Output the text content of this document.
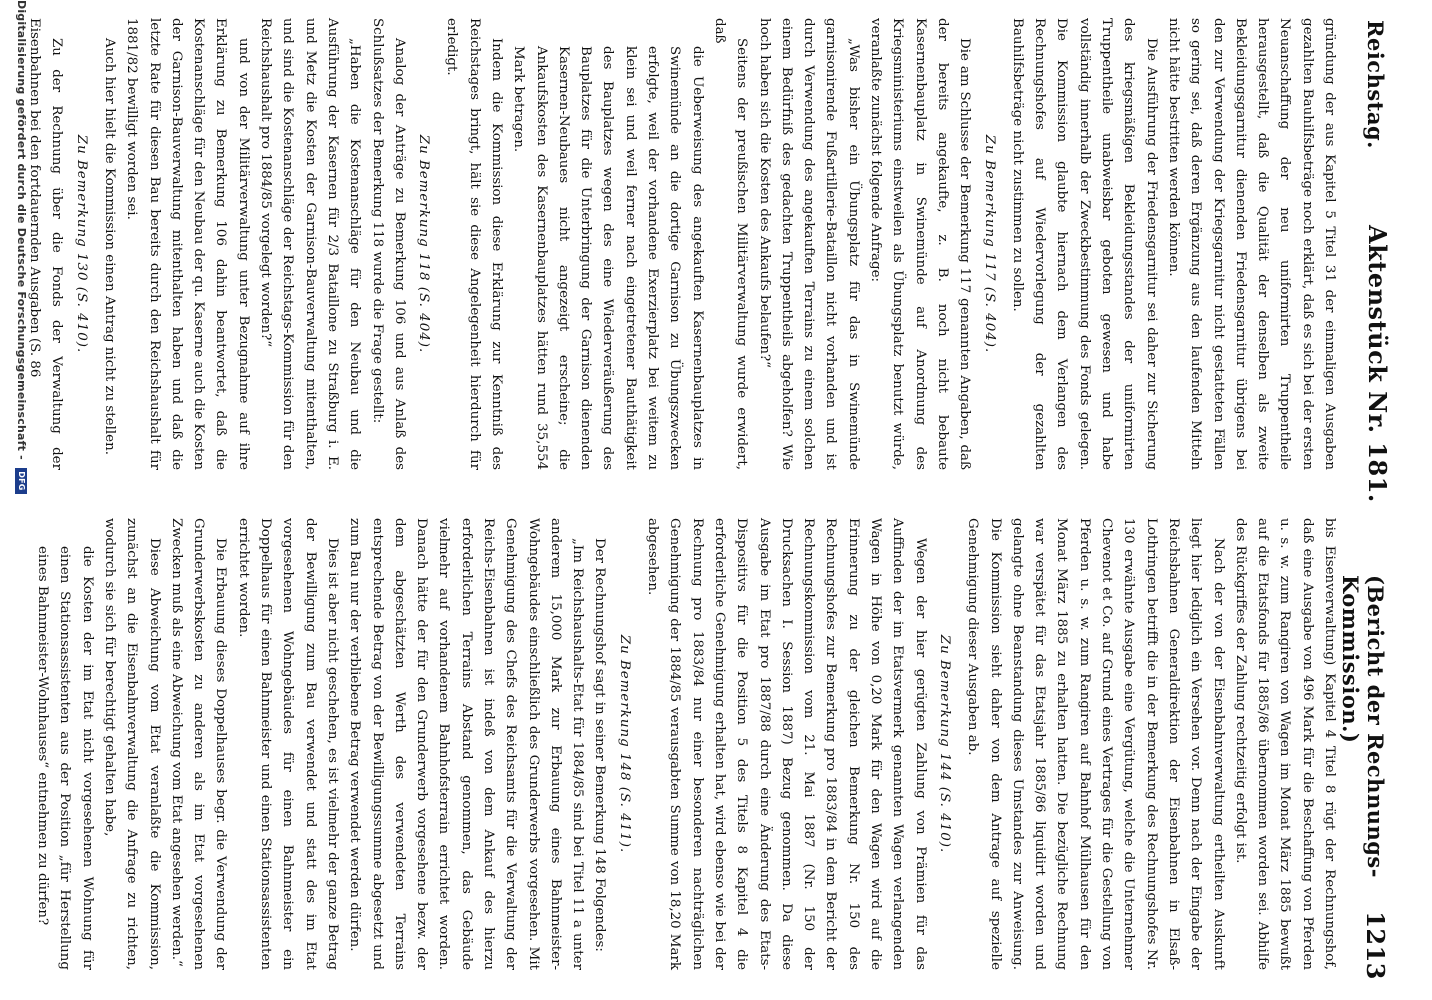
Reichstag.
Aktenstück Nr. 181.
(Bericht der Rechnungs-Kommission.)
1213

gründung der aus Kapitel 5 Titel 31 der einmaligen Ausgaben gezahlten Bauhilfsbeträge noch erklärt, daß es sich bei der ersten Neuanschaffung der neu uniformirten Truppentheile herausgestellt, daß die Qualität der denselben als zweite Bekleidungsgarnitur dienenden Friedensgarnitur übrigens bei den zur Verwendung der Kriegsgarnitur nicht gestatteten Fällen so gering sei, daß deren Ergänzung aus den laufenden Mitteln nicht hätte bestritten werden können.

Die Ausführung der Friedensgarnitur sei daher zur Sicherung des kriegsmäßigen Bekleidungsstandes der uniformirten Truppentheile unabweisbar geboten gewesen und habe vollständig innerhalb der Zweckbestimmung des Fonds gelegen. Die Kommission glaubte hiernach dem Verlangen des Rechnungshofes auf Wiedervorlegung der gezahlten Bauhilfsbeträge nicht zustimmen zu sollen.

Zu Bemerkung 117 (S. 404).

Die am Schlusse der Bemerkung 117 genannten Angaben, daß der bereits angekaufte, z. B. noch nicht bebaute Kasernenbauplatz in Swinemünde auf Anordnung des Kriegsministeriums einstweilen als Übungsplatz benutzt würde, veranlaßte zunächst folgende Anfrage:

„Was bisher ein Übungsplatz für das in Swinemünde garnisonirende Fußartillerie-Bataillon nicht vorhanden und ist durch Verwendung des angekauften Terrains zu einem solchen einem Bedürfniß des gedachten Truppentheils abgeholfen? Wie hoch haben sich die Kosten des Ankaufs belaufen?“

Seitens der preußischen Militärverwaltung wurde erwidert, daß

die Ueberweisung des angekauften Kasernenbauplatzes in Swinemünde an die dortige Garnison zu Übungszwecken erfolgte, weil der vorhandene Exerzierplatz bei weitem zu klein sei und weil ferner nach eingetretener Bauthätigkeit des Bauplatzes wegen des eine Wiederveräußerung des Bauplatzes für die Unterbringung der Garnison dienenden Kasernen-Neubaues nicht angezeigt erscheine; die Ankaufskosten des Kasernenbauplatzes hätten rund 35,554 Mark betragen.

Indem die Kommission diese Erklärung zur Kenntniß des Reichstages bringt, hält sie diese Angelegenheit hierdurch für erledigt.

Zu Bemerkung 118 (S. 404).

Analog der Anträge zu Bemerkung 106 und aus Anlaß des Schlußsatzes der Bemerkung 118 wurde die Frage gestellt:

„Haben die Kostenanschläge für den Neubau und die Ausführung der Kasernen für 2/3 Bataillone zu Straßburg i. E. und Metz die Kosten der Garnison-Bauverwaltung mitenthalten, und sind die Kostenanschläge der Reichstags-Kommission für den Reichshaushalt pro 1884/85 vorgelegt worden?“

und von der Militärverwaltung unter Bezugnahme auf ihre Erklärung zu Bemerkung 106 dahin beantwortet, daß die Kostenanschläge für den Neubau der qu. Kaserne auch die Kosten der Garnison-Bauverwaltung mitenthalten haben und daß die letzte Rate für diesen Bau bereits durch den Reichshaushalt für 1881/82 bewilligt worden sei.

Auch hier hielt die Kommission einen Antrag nicht zu stellen.

Zu Bemerkung 130 (S. 410).

Zu der Rechnung über die Fonds der Verwaltung der Eisenbahnen bei den fortdauernden Ausgaben (S. 86

bis Eisenverwaltung) Kapitel 4 Titel 8 rügt der Rechnungshof, daß eine Ausgabe von 496 Mark für die Beschaffung von Pferden u. s. w. zum Rangiren von Wagen im Monat März 1885 bewußt auf die Etatsfonds für 1885/86 übernommen worden sei. Abhilfe des Rückgriffes der Zahlung rechtzeitig erfolgt ist.

Nach der von der Eisenbahnverwaltung ertheilten Auskunft liegt hier lediglich ein Versehen vor. Denn nach der Eingabe der Reichsbahnen Generaldirektion der Eisenbahnen in Elsaß-Lothringen betrifft die in der Bemerkung des Rechnungshofes Nr. 130 erwähnte Ausgabe eine Vergütung, welche die Unternehmer Chevenot et Co. auf Grund eines Vertrages für die Gestellung von Pferden u. s. w. zum Rangiren auf Bahnhof Mülhausen für den Monat März 1885 zu erhalten hatten. Die bezügliche Rechnung war verspätet für das Etatsjahr 1885/86 liquidirt worden und gelangte ohne Beanstandung dieses Umstandes zur Anweisung. Die Kommission sieht daher von dem Antrage auf spezielle Genehmigung dieser Ausgaben ab.

Zu Bemerkung 144 (S. 410).

Wegen der hier gerügten Zahlung von Prämien für das Auffinden der im Etatsvermerk genannten Wagen verlangenden Wagen in Höhe von 0,20 Mark für den Wagen wird auf die Erinnerung zu der gleichen Bemerkung Nr. 150 des Rechnungshofes zur Bemerkung pro 1883/84 in dem Bericht der Rechnungskommission vom 21. Mai 1887 (Nr. 150 der Drucksachen I. Session 1887) Bezug genommen. Da diese Ausgabe im Etat pro 1887/88 durch eine Änderung des Etats-Dispositivs für die Position 5 des Titels 8 Kapitel 4 die erforderliche Genehmigung erhalten hat, wird ebenso wie bei der Rechnung pro 1883/84 nur einer besonderen nachträglichen Genehmigung der 1884/85 verausgabten Summe von 18,20 Mark abgesehen.

Zu Bemerkung 148 (S. 411).

Der Rechnungshof sagt in seiner Bemerkung 148 Folgendes:

„Im Reichshaushalts-Etat für 1884/85 sind bei Titel 11 a unter anderem 15,000 Mark zur Erbauung eines Bahnmeister-Wohngebäudes einschließlich des Grunderwerbs vorgesehen. Mit Genehmigung des Chefs des Reichsamts für die Verwaltung der Reichs-Eisenbahnen ist indeß von dem Ankauf des hierzu erforderlichen Terrains Abstand genommen, das Gebäude vielmehr auf vorhandenem Bahnhofsterrain errichtet worden. Danach hätte der für den Grunderwerb vorgesehene bezw. der dem abgeschätzten Werth des verwendeten Terrains entsprechende Betrag von der Bewilligungssumme abgesetzt und zum Bau nur der verbliebene Betrag verwendet werden dürfen.

Dies ist aber nicht geschehen, es ist vielmehr der ganze Betrag der Bewilligung zum Bau verwendet und statt des im Etat vorgesehenen Wohngebäudes für einen Bahnmeister ein Doppelhaus für einen Bahnmeister und einen Stationsassistenten errichtet worden.

Die Erbauung dieses Doppelhauses begr. die Verwendung der Grunderwerbskosten zu anderen als im Etat vorgesehenen Zwecken muß als eine Abweichung vom Etat angesehen werden.“

Diese Abweichung vom Etat veranlaßte die Kommission, zunächst an die Eisenbahnverwaltung die Anfrage zu richten, wodurch sie sich für berechtigt gehalten habe,

die Kosten der im Etat nicht vorgesehenen Wohnung für einen Stationsassistenten aus der Position „für Herstellung eines Bahnmeister-Wohnhauses“ entnehmen zu dürfen?

Digitalisierung gefördert durch die Deutsche Forschungsgemeinschaft - DFG
